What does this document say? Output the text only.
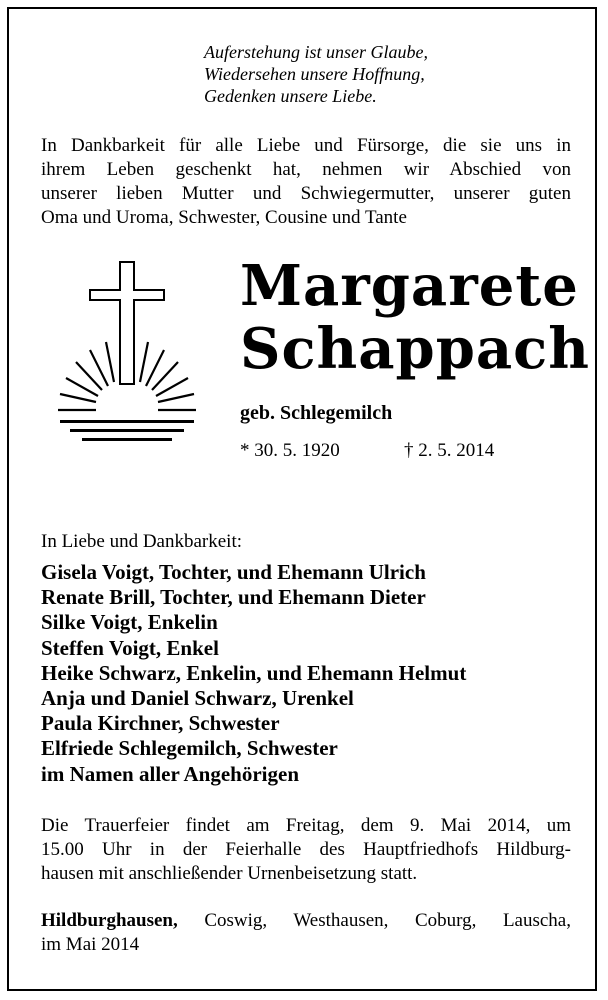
Auferstehung ist unser Glaube,
Wiedersehen unsere Hoffnung,
Gedenken unsere Liebe.
In Dankbarkeit für alle Liebe und Fürsorge, die sie uns in
ihrem Leben geschenkt hat, nehmen wir Abschied von
unserer lieben Mutter und Schwiegermutter, unserer guten
Oma und Uroma, Schwester, Cousine und Tante
Margarete
Schappach
geb. Schlegemilch
* 30. 5. 1920	† 2. 5. 2014
In Liebe und Dankbarkeit:
Gisela Voigt, Tochter, und Ehemann Ulrich
Renate Brill, Tochter, und Ehemann Dieter
Silke Voigt, Enkelin
Steffen Voigt, Enkel
Heike Schwarz, Enkelin, und Ehemann Helmut
Anja und Daniel Schwarz, Urenkel
Paula Kirchner, Schwester
Elfriede Schlegemilch, Schwester
im Namen aller Angehörigen
Die Trauerfeier findet am Freitag, dem 9. Mai 2014, um
15.00 Uhr in der Feierhalle des Hauptfriedhofs Hildburg-
hausen mit anschließender Urnenbeisetzung statt.
Hildburghausen, Coswig, Westhausen, Coburg, Lauscha,
im Mai 2014
